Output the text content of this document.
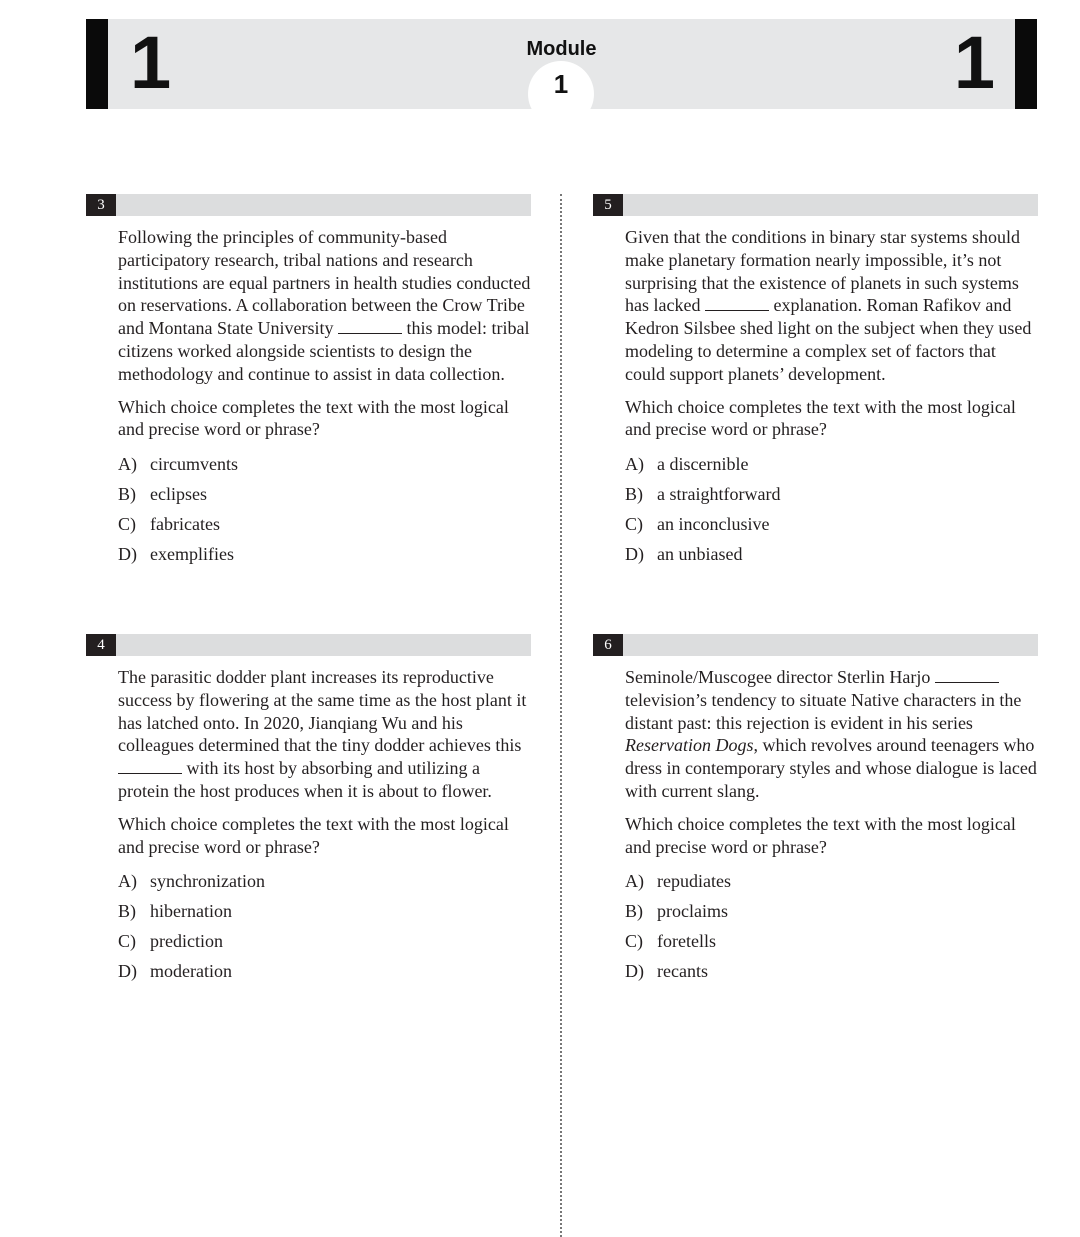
1	Module
1	1
3

Following the principles of community-based participatory research, tribal nations and research institutions are equal partners in health studies conducted on reservations. A collaboration between the Crow Tribe and Montana State University	this model: tribal citizens worked alongside scientists to design the methodology and continue to assist in data collection.

Which choice completes the text with the most logical and precise word or phrase?

A) circumvents
B) eclipses
C) fabricates
D) exemplifies
4

The parasitic dodder plant increases its reproductive success by flowering at the same time as the host plant it has latched onto. In 2020, Jianqiang Wu and his colleagues determined that the tiny dodder achieves this  with its host by absorbing and utilizing a protein the host produces when it is about to flower.

Which choice completes the text with the most logical and precise word or phrase?

A) synchronization
B) hibernation
C) prediction
D) moderation
5

Given that the conditions in binary star systems should make planetary formation nearly impossible, it’s not surprising that the existence of planets in such systems has lacked	explanation. Roman Rafikov and Kedron Silsbee shed light on the subject when they used modeling to determine a complex set of factors that could support planets’ development.

Which choice completes the text with the most logical and precise word or phrase?

A) a discernible
B) a straightforward
C) an inconclusive
D) an unbiased
6

Seminole/Muscogee director Sterlin Harjo  television’s tendency to situate Native characters in the distant past: this rejection is evident in his series Reservation Dogs, which revolves around teenagers who dress in contemporary styles and whose dialogue is laced with current slang.

Which choice completes the text with the most logical and precise word or phrase?

A) repudiates
B) proclaims
C) foretells
D) recants
